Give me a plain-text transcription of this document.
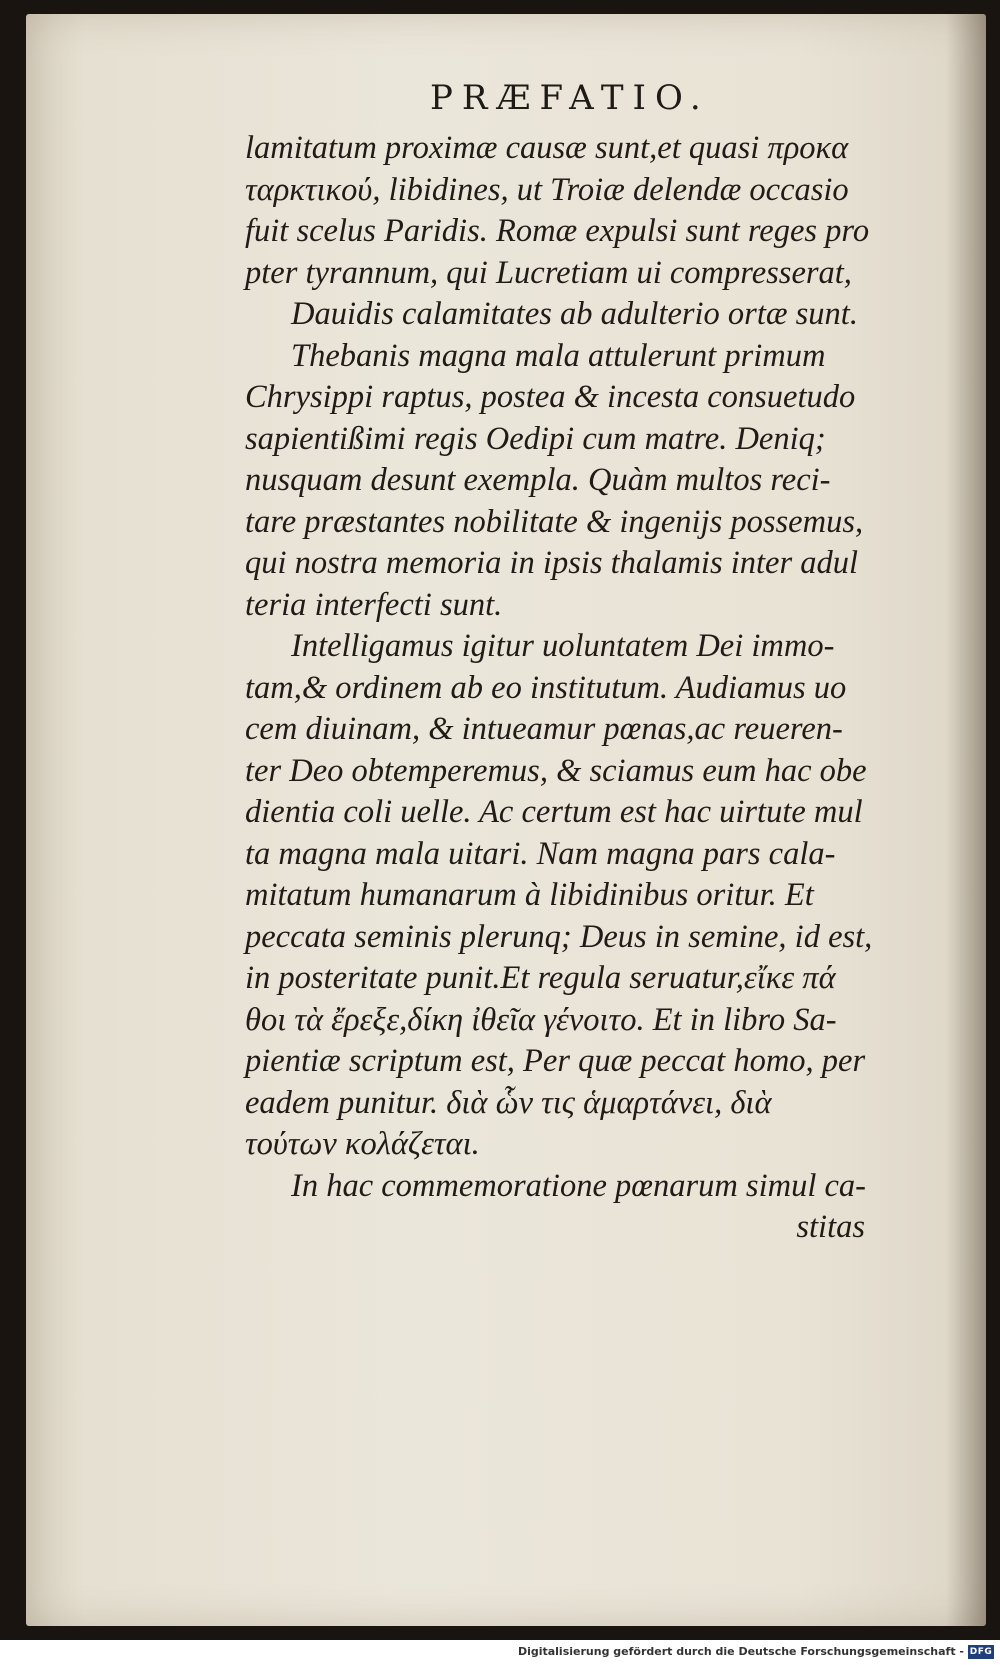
PRÆFATIO.
lamitatum proximæ causæ sunt,et quasi προκα
ταρκτικού, libidines, ut Troiæ delendæ occasio
fuit scelus Paridis. Romæ expulsi sunt reges pro
pter tyrannum, qui Lucretiam ui compresserat,
Dauidis calamitates ab adulterio ortæ sunt.
Thebanis magna mala attulerunt primum
Chrysippi raptus, postea & incesta consuetudo
sapientißimi regis Oedipi cum matre. Deniq;
nusquam desunt exempla. Quàm multos reci-
tare præstantes nobilitate & ingenijs possemus,
qui nostra memoria in ipsis thalamis inter adul
teria interfecti sunt.
Intelligamus igitur uoluntatem Dei immo-
tam,& ordinem ab eo institutum. Audiamus uo
cem diuinam, & intueamur pœnas,ac reueren-
ter Deo obtemperemus, & sciamus eum hac obe
dientia coli uelle. Ac certum est hac uirtute mul
ta magna mala uitari. Nam magna pars cala-
mitatum humanarum à libidinibus oritur. Et
peccata seminis plerunq; Deus in semine, id est,
in posteritate punit.Et regula seruatur,εἴκε πά
θοι τὰ ἔρεξε,δίκη ἰθεῖα γένοιτο. Et in libro Sa-
pientiæ scriptum est, Per quæ peccat homo, per
eadem punitur. διὰ ὧν τις ἁμαρτάνει, διὰ
τούτων κολάζεται.
In hac commemoratione pœnarum simul ca-
stitas
Digitalisierung gefördert durch die Deutsche Forschungsgemeinschaft - DFG
